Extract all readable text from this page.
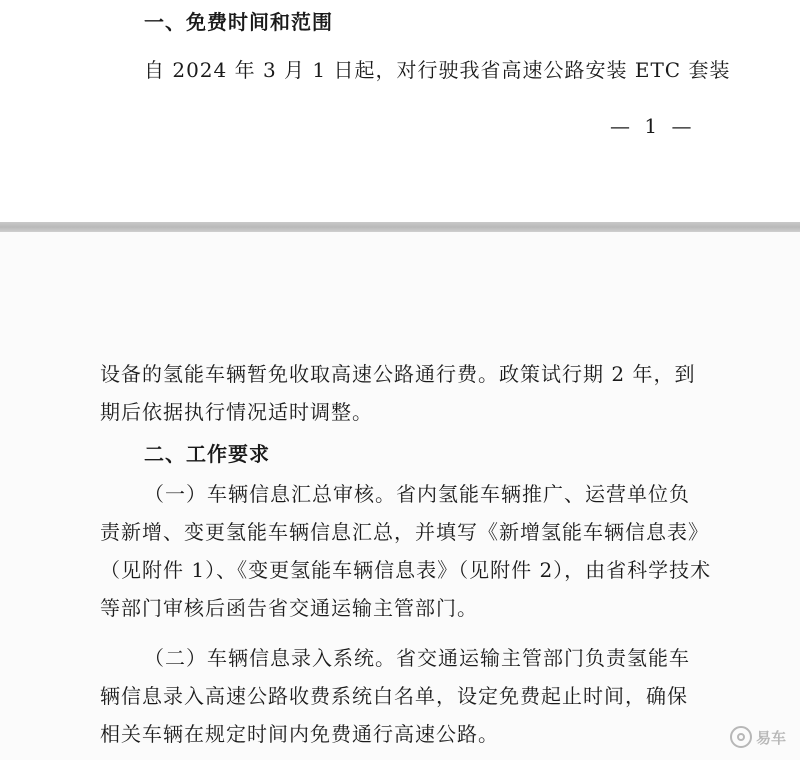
一、免费时间和范围
自 2024 年 3 月 1 日起，对行驶我省高速公路安装 ETC 套装
— 1 —
设备的氢能车辆暂免收取高速公路通行费。政策试行期 2 年，到
期后依据执行情况适时调整。
二、工作要求
（一）车辆信息汇总审核。省内氢能车辆推广、运营单位负
责新增、变更氢能车辆信息汇总，并填写《新增氢能车辆信息表》
（见附件 1）、《变更氢能车辆信息表》（见附件 2），由省科学技术
等部门审核后函告省交通运输主管部门。
（二）车辆信息录入系统。省交通运输主管部门负责氢能车
辆信息录入高速公路收费系统白名单，设定免费起止时间，确保
相关车辆在规定时间内免费通行高速公路。	易车
